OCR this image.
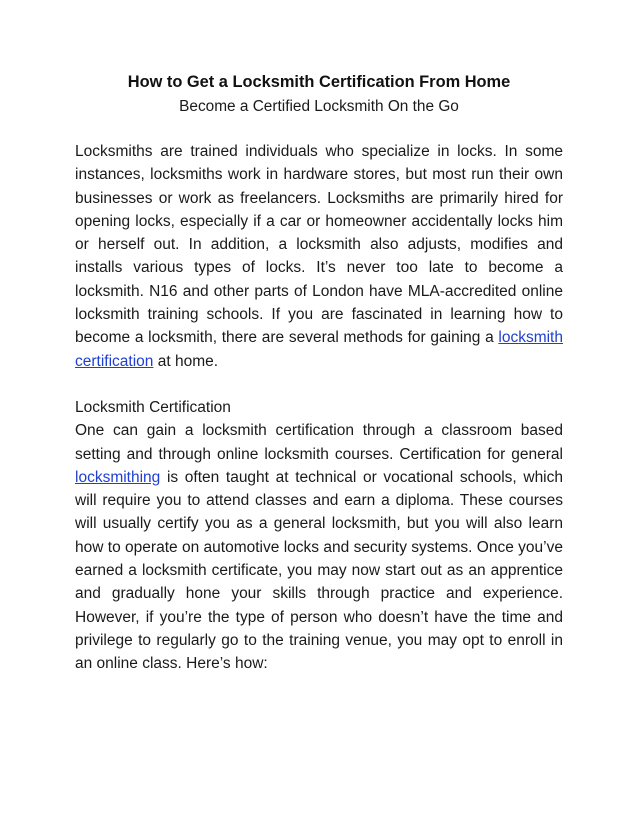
How to Get a Locksmith Certification From Home

Become a Certified Locksmith On the Go

Locksmiths are trained individuals who specialize in locks. In some instances, locksmiths work in hardware stores, but most run their own businesses or work as freelancers. Locksmiths are primarily hired for opening locks, especially if a car or homeowner accidentally locks him or herself out. In addition, a locksmith also adjusts, modifies and installs various types of locks. It’s never too late to become a locksmith. N16 and other parts of London have MLA-accredited online locksmith training schools. If you are fascinated in learning how to become a locksmith, there are several methods for gaining a locksmith certification at home.

Locksmith Certification

One can gain a locksmith certification through a classroom based setting and through online locksmith courses. Certification for general locksmithing is often taught at technical or vocational schools, which will require you to attend classes and earn a diploma. These courses will usually certify you as a general locksmith, but you will also learn how to operate on automotive locks and security systems. Once you’ve earned a locksmith certificate, you may now start out as an apprentice and gradually hone your skills through practice and experience. However, if you’re the type of person who doesn’t have the time and privilege to regularly go to the training venue, you may opt to enroll in an online class. Here’s how:
